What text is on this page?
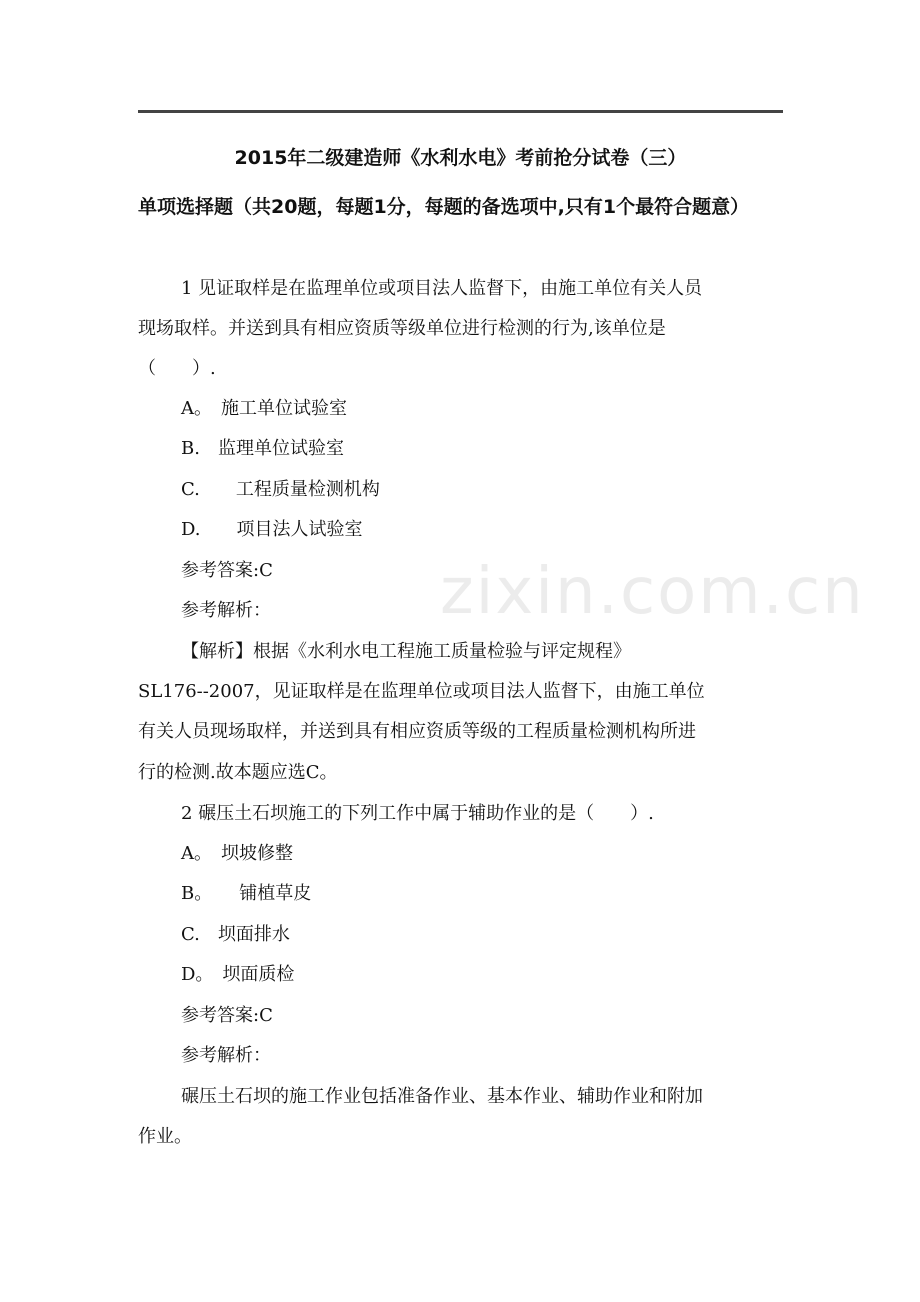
2015年二级建造师《水利水电》考前抢分试卷（三）

单项选择题（共20题，每题1分，每题的备选项中,只有1个最符合题意）

1 见证取样是在监理单位或项目法人监督下，由施工单位有关人员

现场取样。并送到具有相应资质等级单位进行检测的行为,该单位是

（　　）.

A。　施工单位试验室

B.　监理单位试验室

C.　　工程质量检测机构

D.　　项目法人试验室

参考答案:C

参考解析：

【解析】根据《水利水电工程施工质量检验与评定规程》

SL176--2007，见证取样是在监理单位或项目法人监督下，由施工单位

有关人员现场取样，并送到具有相应资质等级的工程质量检测机构所进

行的检测.故本题应选C。

2 碾压土石坝施工的下列工作中属于辅助作业的是（　　）.

A。　坝坡修整

B。　　铺植草皮

C.　坝面排水

D。　坝面质检

参考答案:C

参考解析：

碾压土石坝的施工作业包括准备作业、基本作业、辅助作业和附加

作业。

zixin.com.cn
